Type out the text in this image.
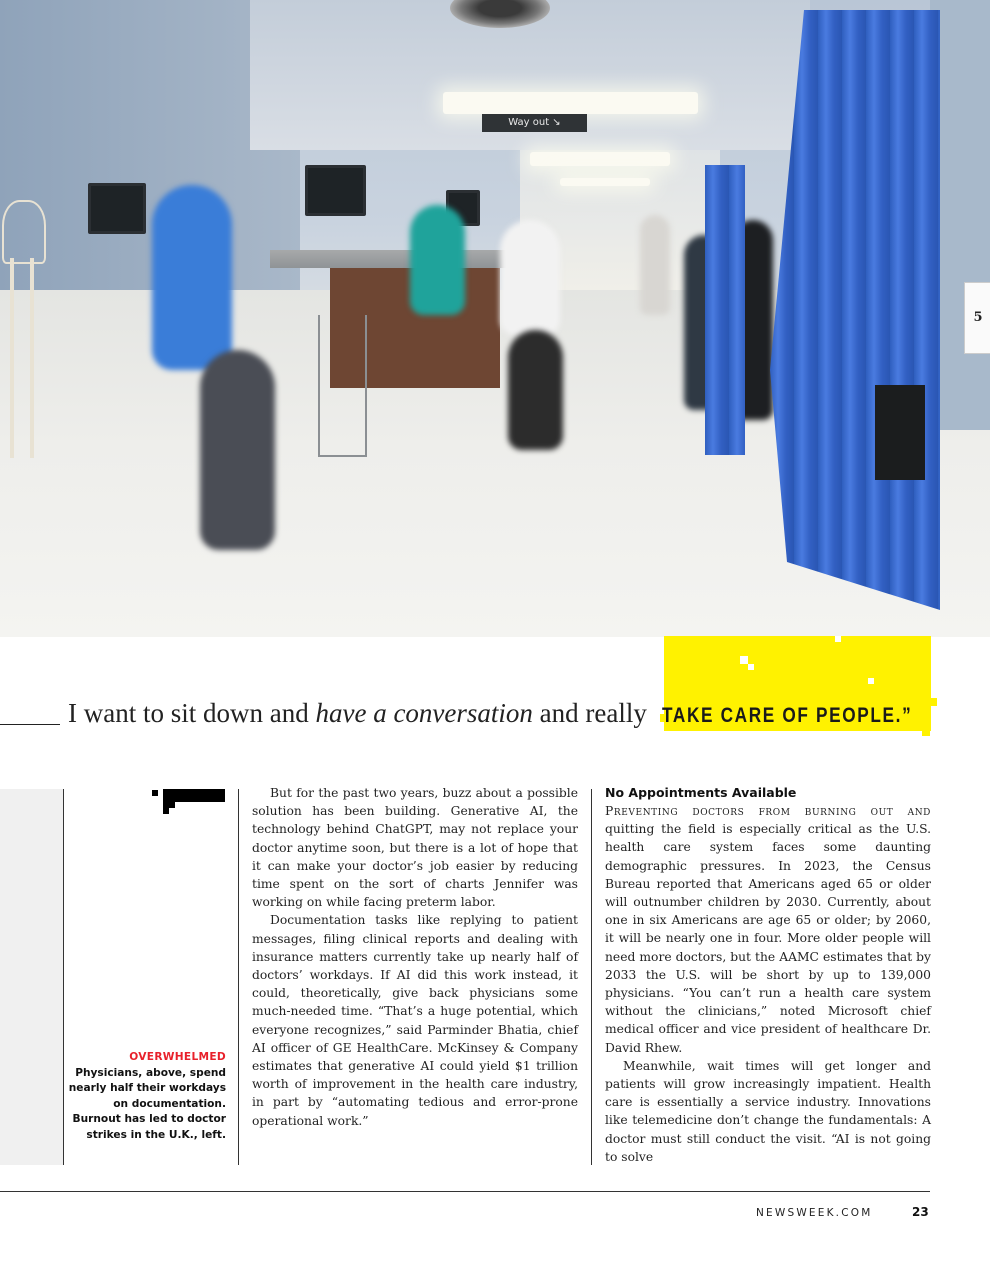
Way out ↘
5
I want to sit down and have a conversation and really TAKE CARE OF PEOPLE.”
OVERWHELMED
Physicians, above, spend nearly half their workdays on documentation. Burnout has led to doctor strikes in the U.K., left.

But for the past two years, buzz about a possible solution has been building. Generative AI, the technology behind ChatGPT, may not replace your doctor anytime soon, but there is a lot of hope that it can make your doctor’s job easier by reducing time spent on the sort of charts Jennifer was working on while facing preterm labor.

Documentation tasks like replying to patient messages, filing clinical reports and dealing with insurance matters currently take up nearly half of doctors’ workdays. If AI did this work instead, it could, theoretically, give back physicians some much-needed time. “That’s a huge potential, which everyone recognizes,” said Parminder Bhatia, chief AI officer of GE HealthCare. McKinsey & Company estimates that generative AI could yield $1 trillion worth of improvement in the health care industry, in part by “automating tedious and error-prone operational work.”

No Appointments Available

Preventing doctors from burning out and quitting the field is especially critical as the U.S. health care system faces some daunting demographic pressures. In 2023, the Census Bureau reported that Americans aged 65 or older will outnumber children by 2030. Currently, about one in six Americans are age 65 or older; by 2060, it will be nearly one in four. More older people will need more doctors, but the AAMC estimates that by 2033 the U.S. will be short by up to 139,000 physicians. “You can’t run a health care system without the clinicians,” noted Microsoft chief medical officer and vice president of healthcare Dr. David Rhew.

Meanwhile, wait times will get longer and patients will grow increasingly impatient. Health care is essentially a service industry. Innovations like telemedicine don’t change the fundamentals: A doctor must still conduct the visit. “AI is not going to solve

NEWSWEEK.COM	23
